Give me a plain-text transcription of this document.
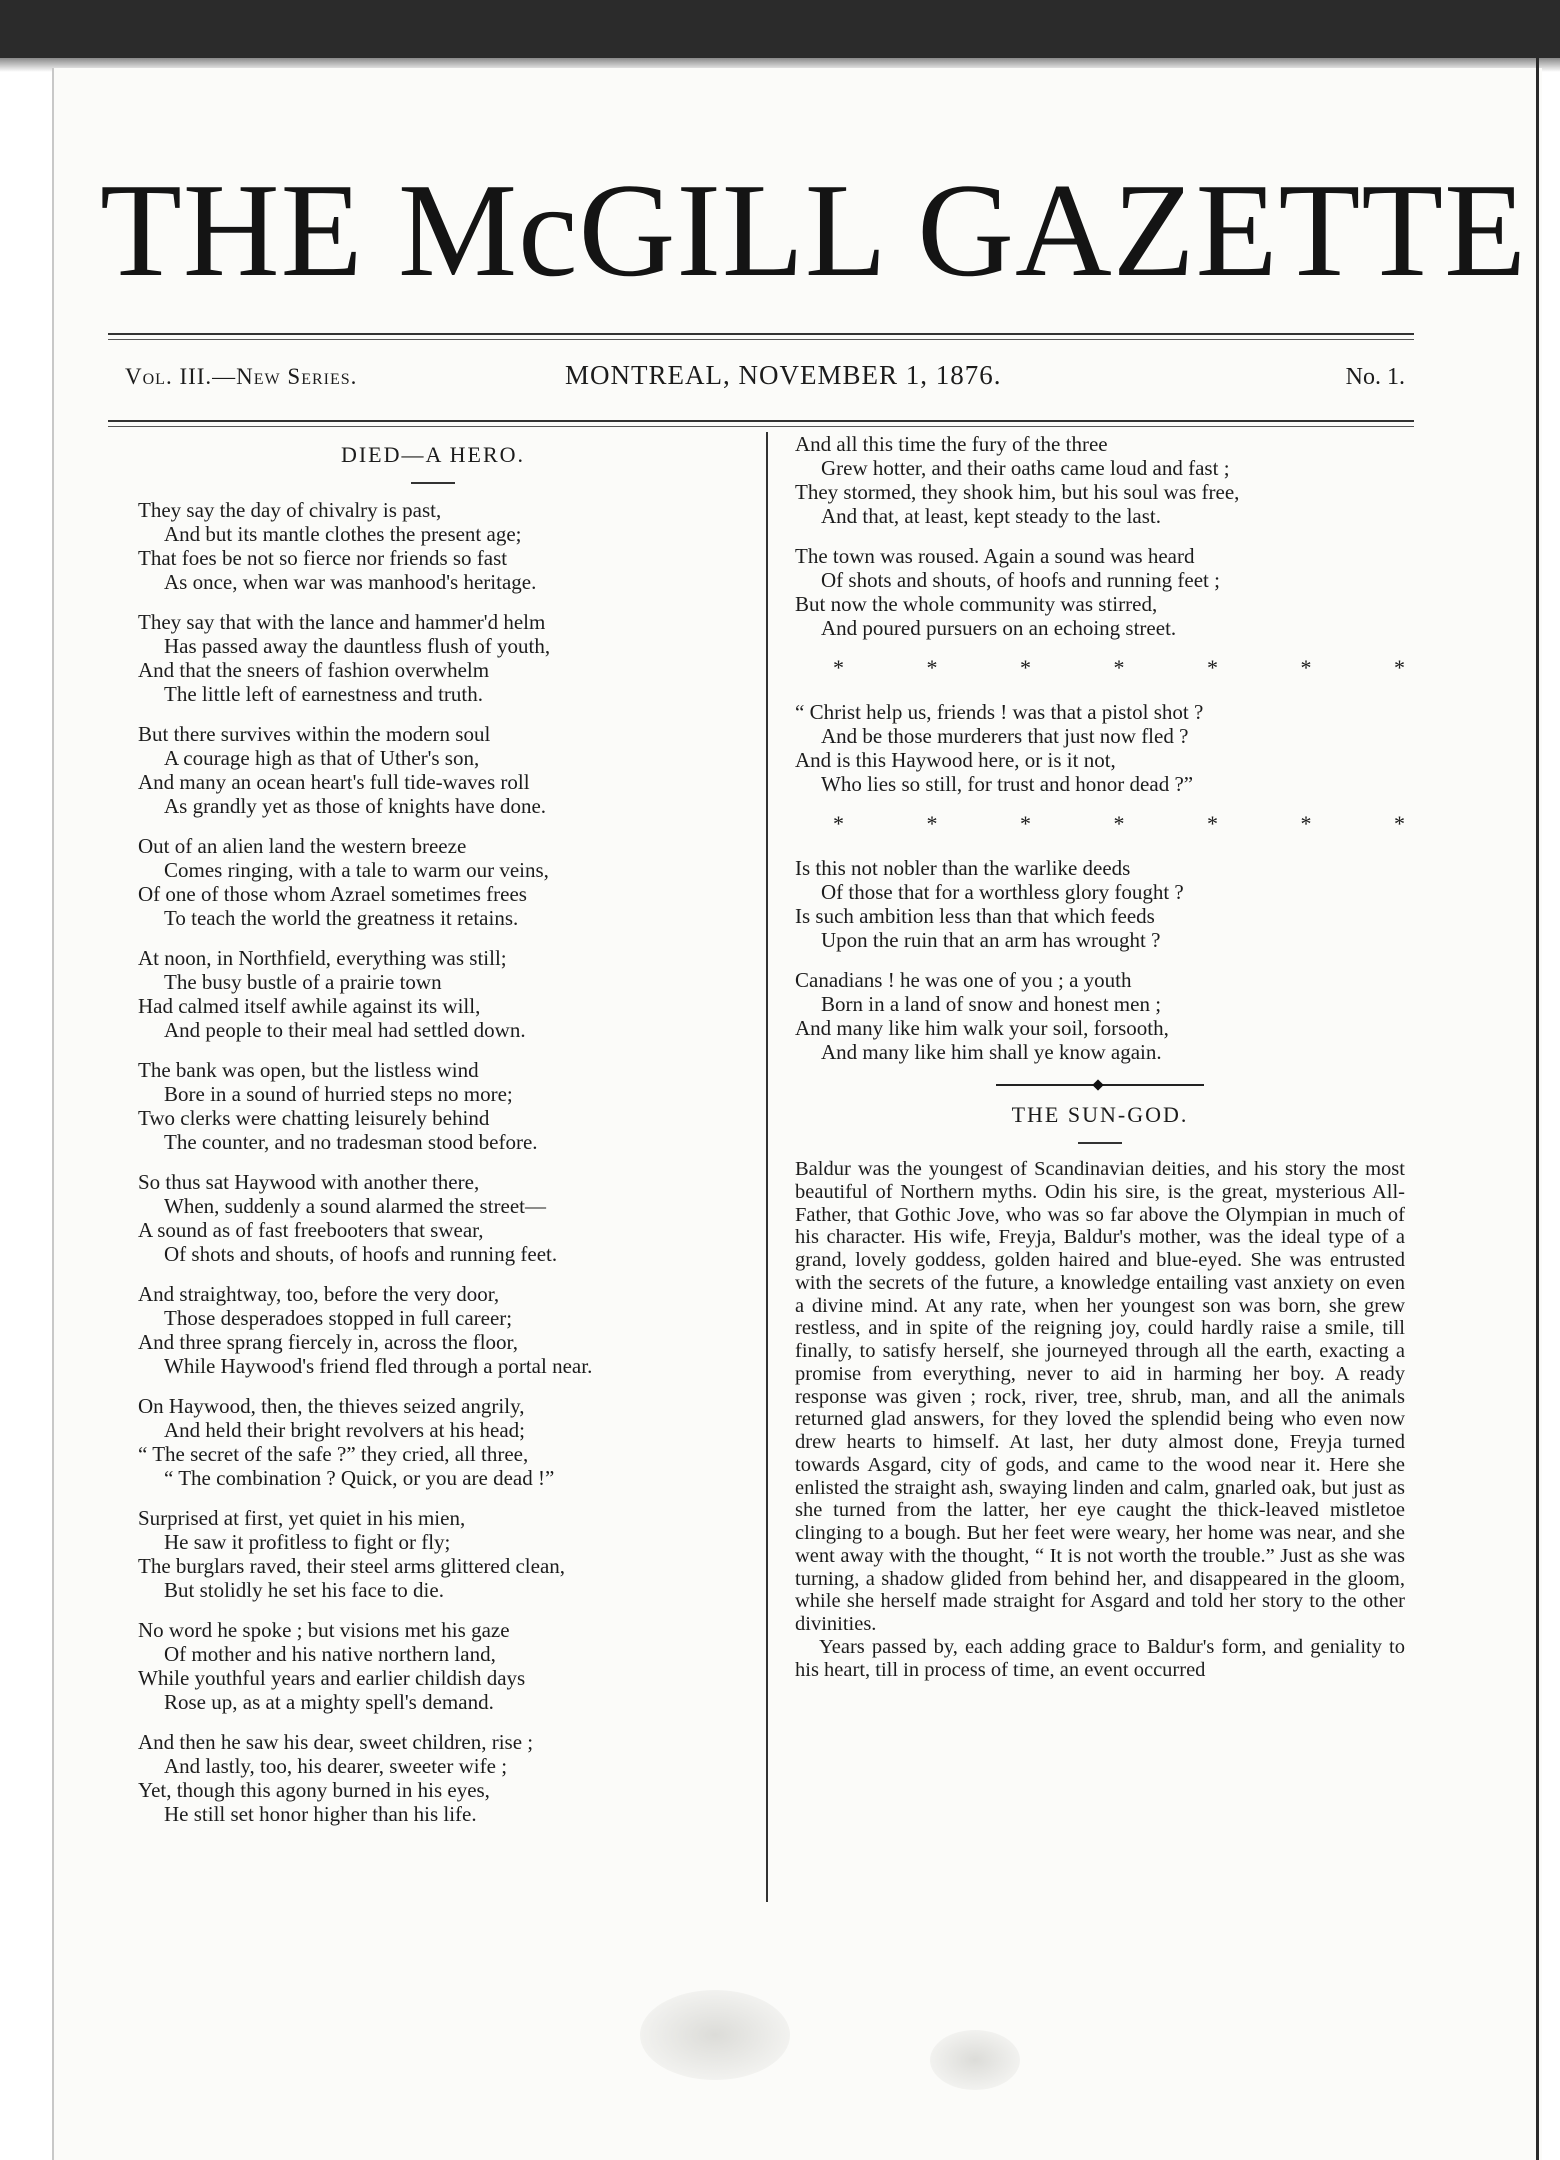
THE McGILL GAZETTE
Vol. III.—New Series.	MONTREAL, NOVEMBER 1, 1876.	No. 1.
DIED—A HERO.
They say the day of chivalry is past,
And but its mantle clothes the present age;
That foes be not so fierce nor friends so fast
As once, when war was manhood's heritage.
They say that with the lance and hammer'd helm
Has passed away the dauntless flush of youth,
And that the sneers of fashion overwhelm
The little left of earnestness and truth.
But there survives within the modern soul
A courage high as that of Uther's son,
And many an ocean heart's full tide-waves roll
As grandly yet as those of knights have done.
Out of an alien land the western breeze
Comes ringing, with a tale to warm our veins,
Of one of those whom Azrael sometimes frees
To teach the world the greatness it retains.
At noon, in Northfield, everything was still;
The busy bustle of a prairie town
Had calmed itself awhile against its will,
And people to their meal had settled down.
The bank was open, but the listless wind
Bore in a sound of hurried steps no more;
Two clerks were chatting leisurely behind
The counter, and no tradesman stood before.
So thus sat Haywood with another there,
When, suddenly a sound alarmed the street—
A sound as of fast freebooters that swear,
Of shots and shouts, of hoofs and running feet.
And straightway, too, before the very door,
Those desperadoes stopped in full career;
And three sprang fiercely in, across the floor,
While Haywood's friend fled through a portal near.
On Haywood, then, the thieves seized angrily,
And held their bright revolvers at his head;
“ The secret of the safe ?” they cried, all three,
“ The combination ? Quick, or you are dead !”
Surprised at first, yet quiet in his mien,
He saw it profitless to fight or fly;
The burglars raved, their steel arms glittered clean,
But stolidly he set his face to die.
No word he spoke ; but visions met his gaze
Of mother and his native northern land,
While youthful years and earlier childish days
Rose up, as at a mighty spell's demand.
And then he saw his dear, sweet children, rise ;
And lastly, too, his dearer, sweeter wife ;
Yet, though this agony burned in his eyes,
He still set honor higher than his life.
And all this time the fury of the three
Grew hotter, and their oaths came loud and fast ;
They stormed, they shook him, but his soul was free,
And that, at least, kept steady to the last.
The town was roused. Again a sound was heard
Of shots and shouts, of hoofs and running feet ;
But now the whole community was stirred,
And poured pursuers on an echoing street.
*	*	*	*	*	*	*
“ Christ help us, friends ! was that a pistol shot ?
And be those murderers that just now fled ?
And is this Haywood here, or is it not,
Who lies so still, for trust and honor dead ?”
*	*	*	*	*	*	*
Is this not nobler than the warlike deeds
Of those that for a worthless glory fought ?
Is such ambition less than that which feeds
Upon the ruin that an arm has wrought ?
Canadians ! he was one of you ; a youth
Born in a land of snow and honest men ;
And many like him walk your soil, forsooth,
And many like him shall ye know again.
THE SUN-GOD.

Baldur was the youngest of Scandinavian deities, and his story the most beautiful of Northern myths. Odin his sire, is the great, mysterious All-Father, that Gothic Jove, who was so far above the Olympian in much of his character. His wife, Freyja, Baldur's mother, was the ideal type of a grand, lovely goddess, golden haired and blue-eyed. She was entrusted with the secrets of the future, a knowledge entailing vast anxiety on even a divine mind. At any rate, when her youngest son was born, she grew restless, and in spite of the reigning joy, could hardly raise a smile, till finally, to satisfy herself, she journeyed through all the earth, exacting a promise from everything, never to aid in harming her boy. A ready response was given ; rock, river, tree, shrub, man, and all the animals returned glad answers, for they loved the splendid being who even now drew hearts to himself. At last, her duty almost done, Freyja turned towards Asgard, city of gods, and came to the wood near it. Here she enlisted the straight ash, swaying linden and calm, gnarled oak, but just as she turned from the latter, her eye caught the thick-leaved mistletoe clinging to a bough. But her feet were weary, her home was near, and she went away with the thought, “ It is not worth the trouble.” Just as she was turning, a shadow glided from behind her, and disappeared in the gloom, while she herself made straight for Asgard and told her story to the other divinities.

Years passed by, each adding grace to Baldur's form, and geniality to his heart, till in process of time, an event occurred
